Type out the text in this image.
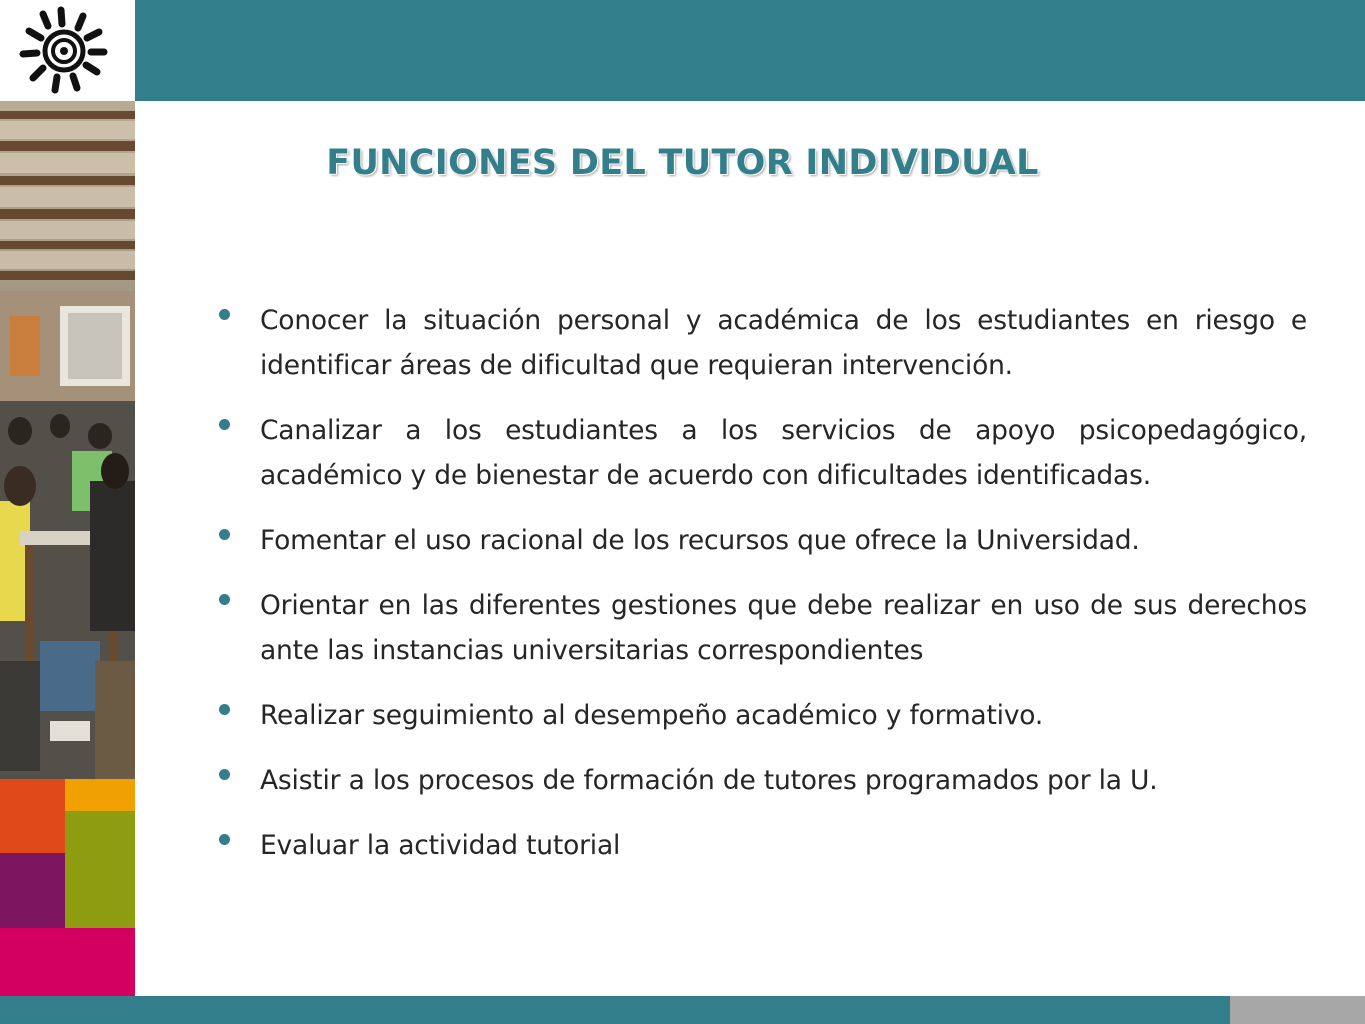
FUNCIONES DEL TUTOR INDIVIDUAL
Conocer la situación personal y académica de los estudiantes en riesgo e identificar áreas de dificultad que requieran intervención.
Canalizar a los estudiantes a los servicios de apoyo psicopedagógico, académico y de bienestar de acuerdo con dificultades identificadas.
Fomentar el uso racional de los recursos que ofrece la Universidad.
Orientar en las diferentes gestiones que debe realizar en uso de sus derechos ante las instancias universitarias correspondientes
Realizar seguimiento al desempeño académico y formativo.
Asistir a los procesos de formación de tutores programados por la U.
Evaluar la actividad tutorial
